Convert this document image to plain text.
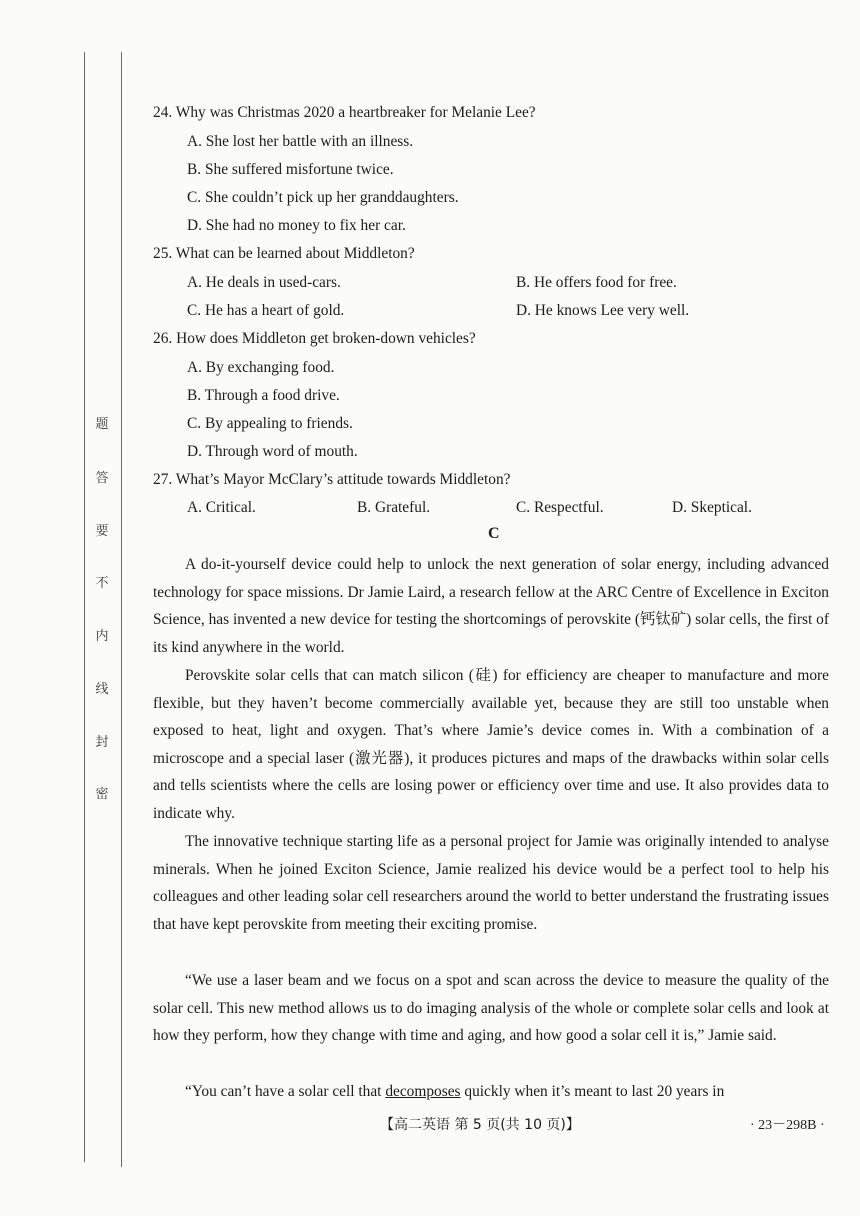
题
答
要
不
内
线
封
密
24. Why was Christmas 2020 a heartbreaker for Melanie Lee?
A. She lost her battle with an illness.
B. She suffered misfortune twice.
C. She couldn’t pick up her granddaughters.
D. She had no money to fix her car.
25. What can be learned about Middleton?
A. He deals in used-cars.	B. He offers food for free.
C. He has a heart of gold.	D. He knows Lee very well.
26. How does Middleton get broken-down vehicles?
A. By exchanging food.
B. Through a food drive.
C. By appealing to friends.
D. Through word of mouth.
27. What’s Mayor McClary’s attitude towards Middleton?
A. Critical.	B. Grateful.	C. Respectful.	D. Skeptical.
C

A do-it-yourself device could help to unlock the next generation of solar energy, including advanced technology for space missions. Dr Jamie Laird, a research fellow at the ARC Centre of Excellence in Exciton Science, has invented a new device for testing the shortcomings of perovskite (钙钛矿) solar cells, the first of its kind anywhere in the world.

Perovskite solar cells that can match silicon (硅) for efficiency are cheaper to manufacture and more flexible, but they haven’t become commercially available yet, because they are still too unstable when exposed to heat, light and oxygen. That’s where Jamie’s device comes in. With a combination of a microscope and a special laser (激光器), it produces pictures and maps of the drawbacks within solar cells and tells scientists where the cells are losing power or efficiency over time and use. It also provides data to indicate why.

The innovative technique starting life as a personal project for Jamie was originally intended to analyse minerals. When he joined Exciton Science, Jamie realized his device would be a perfect tool to help his colleagues and other leading solar cell researchers around the world to better understand the frustrating issues that have kept perovskite from meeting their exciting promise.

“We use a laser beam and we focus on a spot and scan across the device to measure the quality of the solar cell. This new method allows us to do imaging analysis of the whole or complete solar cells and look at how they perform, how they change with time and aging, and how good a solar cell it is,” Jamie said.

“You can’t have a solar cell that decomposes quickly when it’s meant to last 20 years in

【高二英语 第 5 页(共 10 页)】	· 23－298B ·
